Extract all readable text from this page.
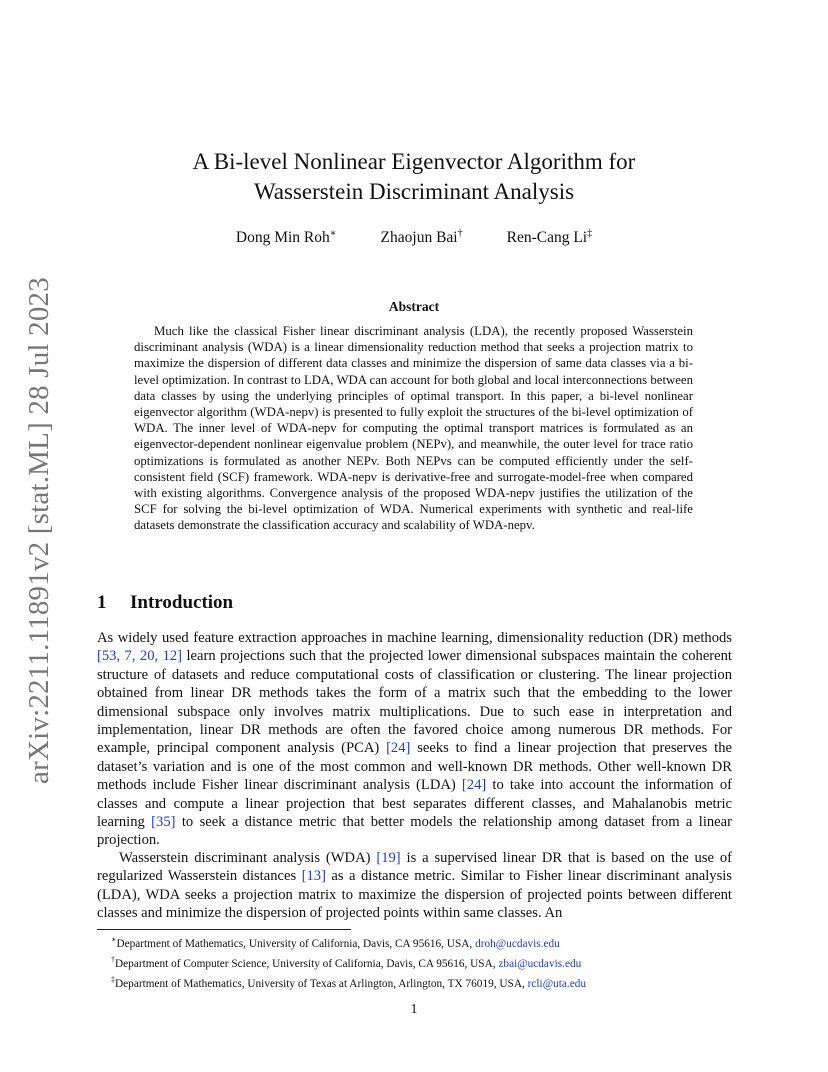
arXiv:2211.11891v2 [stat.ML] 28 Jul 2023
A Bi-level Nonlinear Eigenvector Algorithm for
Wasserstein Discriminant Analysis
Dong Min Roh∗	Zhaojun Bai†	Ren-Cang Li‡
Abstract

Much like the classical Fisher linear discriminant analysis (LDA), the recently proposed Wasserstein discriminant analysis (WDA) is a linear dimensionality reduction method that seeks a projection matrix to maximize the dispersion of different data classes and minimize the dispersion of same data classes via a bi-level optimization. In contrast to LDA, WDA can account for both global and local interconnections between data classes by using the underlying principles of optimal transport. In this paper, a bi-level nonlinear eigenvector algorithm (WDA-nepv) is presented to fully exploit the structures of the bi-level optimization of WDA. The inner level of WDA-nepv for computing the optimal transport matrices is formulated as an eigenvector-dependent nonlinear eigenvalue problem (NEPv), and meanwhile, the outer level for trace ratio optimizations is formulated as another NEPv. Both NEPvs can be computed efficiently under the self-consistent field (SCF) framework. WDA-nepv is derivative-free and surrogate-model-free when compared with existing algorithms. Convergence analysis of the proposed WDA-nepv justifies the utilization of the SCF for solving the bi-level optimization of WDA. Numerical experiments with synthetic and real-life datasets demonstrate the classification accuracy and scalability of WDA-nepv.

1 Introduction

As widely used feature extraction approaches in machine learning, dimensionality reduction (DR) methods [53, 7, 20, 12] learn projections such that the projected lower dimensional subspaces maintain the coherent structure of datasets and reduce computational costs of classification or clustering. The linear projection obtained from linear DR methods takes the form of a matrix such that the embedding to the lower dimensional subspace only involves matrix multiplications. Due to such ease in interpretation and implementation, linear DR methods are often the favored choice among numerous DR methods. For example, principal component analysis (PCA) [24] seeks to find a linear projection that preserves the dataset’s variation and is one of the most common and well-known DR methods. Other well-known DR methods include Fisher linear discriminant analysis (LDA) [24] to take into account the information of classes and compute a linear projection that best separates different classes, and Mahalanobis metric learning [35] to seek a distance metric that better models the relationship among dataset from a linear projection.

Wasserstein discriminant analysis (WDA) [19] is a supervised linear DR that is based on the use of regularized Wasserstein distances [13] as a distance metric. Similar to Fisher linear discriminant analysis (LDA), WDA seeks a projection matrix to maximize the dispersion of projected points between different classes and minimize the dispersion of projected points within same classes. An

∗Department of Mathematics, University of California, Davis, CA 95616, USA, droh@ucdavis.edu
†Department of Computer Science, University of California, Davis, CA 95616, USA, zbai@ucdavis.edu
‡Department of Mathematics, University of Texas at Arlington, Arlington, TX 76019, USA, rcli@uta.edu
1
